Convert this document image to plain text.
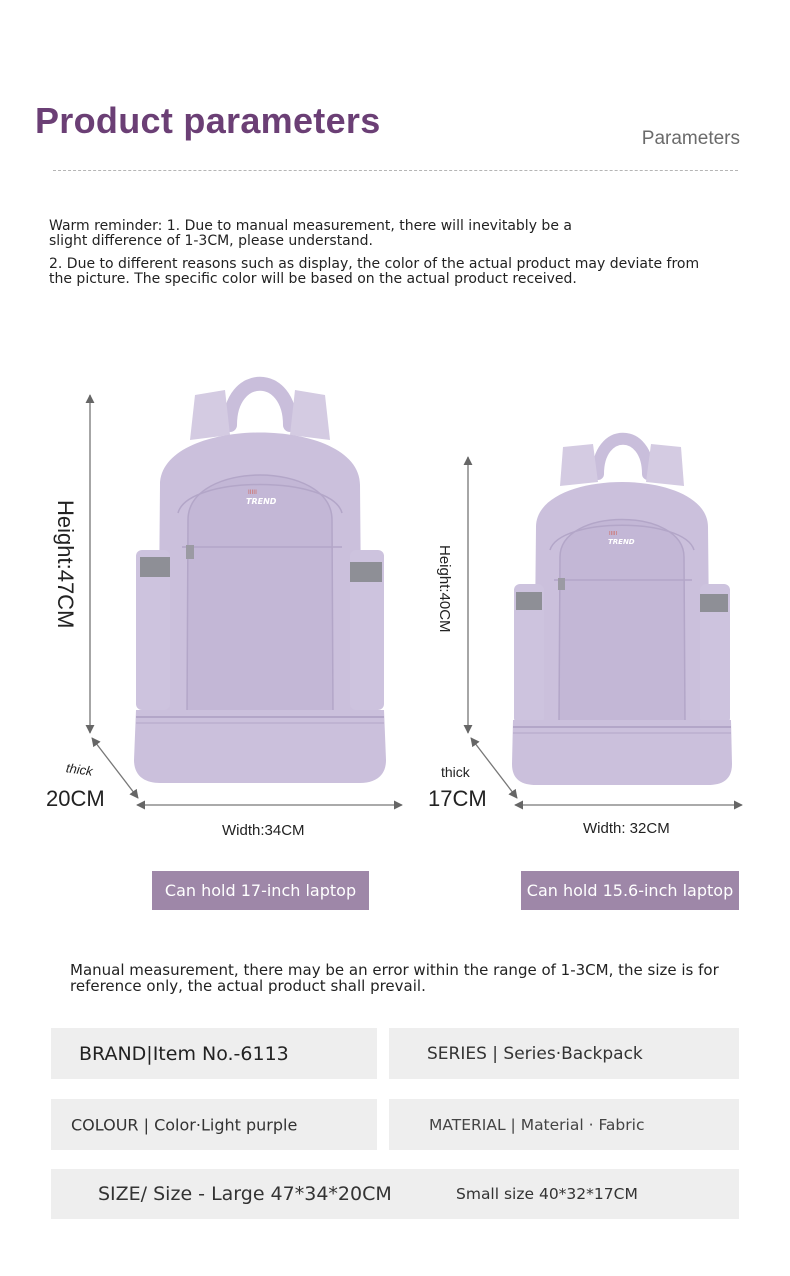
Product parameters	Parameters

Warm reminder: 1. Due to manual measurement, there will inevitably be a slight difference of 1-3CM, please understand.

2. Due to different reasons such as display, the color of the actual product may deviate from the picture. The specific color will be based on the actual product received.

IIIII
TREND
IIIII
TREND
Height:47CM
thick
20CM
Width:34CM
Height:40CM
thick
17CM
Width: 32CM
Can hold 17-inch laptop	Can hold 15.6-inch laptop

Manual measurement, there may be an error within the range of 1-3CM, the size is for reference only, the actual product shall prevail.

BRAND|Item No.-6113	SERIES | Series·Backpack
COLOUR | Color·Light purple	MATERIAL | Material · Fabric
SIZE/ Size - Large 47*34*20CM	Small size 40*32*17CM
